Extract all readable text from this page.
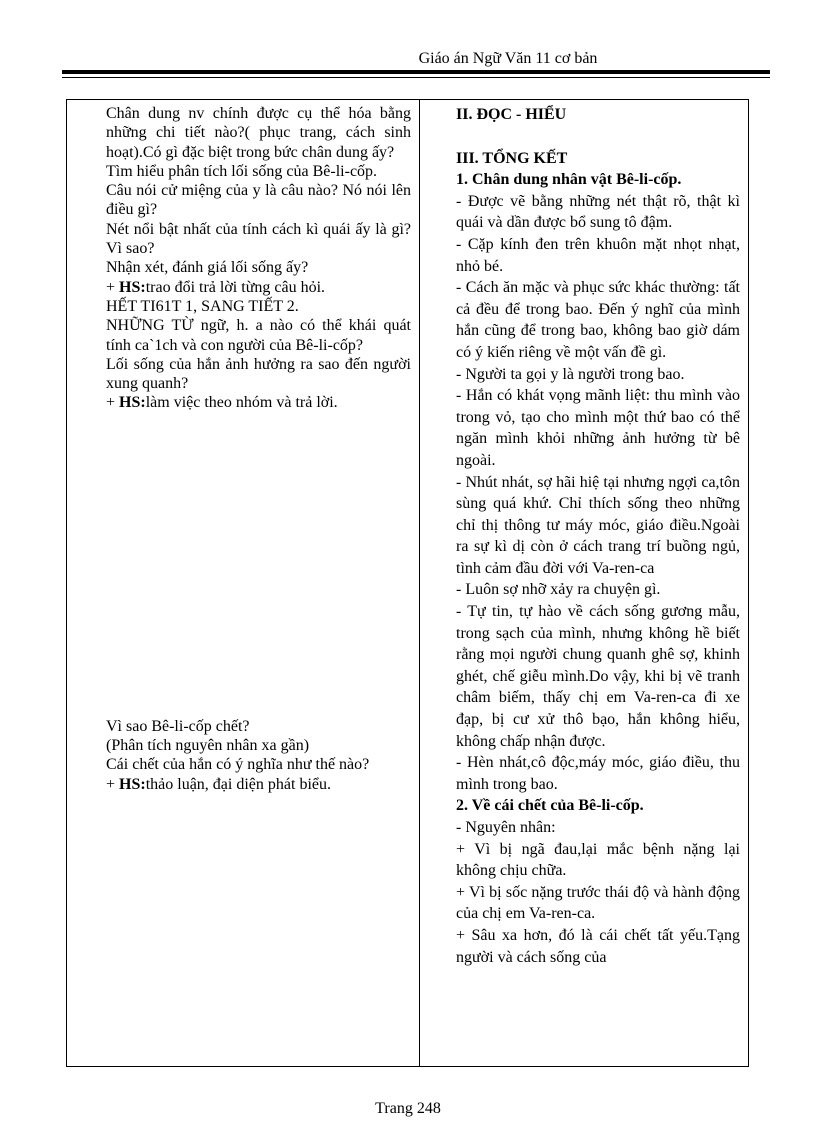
Giáo án Ngữ Văn 11 cơ bản

Chân dung nv chính được cụ thể hóa bằng những chi tiết nào?( phục trang, cách sinh hoạt).Có gì đặc biệt trong bức chân dung ấy?

Tìm hiểu phân tích lối sống của Bê-li-cốp.

Câu nói cử miệng của y là câu nào? Nó nói lên điều gì?

Nét nổi bật nhất của tính cách kì quái ấy là gì? Vì sao?

Nhận xét, đánh giá lối sống ấy?

+ HS:trao đổi trả lời từng câu hỏi.

HẾT TI61T 1, SANG TIẾT 2.

NHỮNG TỪ ngữ, h. a nào có thể khái quát tính ca`1ch và con người của Bê-li-cốp?

Lối sống của hắn ảnh hưởng ra sao đến người xung quanh?

+ HS:làm việc theo nhóm và trả lời.

Vì sao Bê-li-cốp chết?

(Phân tích nguyên nhân xa gần)

Cái chết của hắn có ý nghĩa như thế nào?

+ HS:thảo luận, đại diện phát biểu.

II. ĐỌC - HIỂU

III. TỔNG KẾT

1. Chân dung nhân vật Bê-li-cốp.

- Được vẽ bằng những nét thật rõ, thật kì quái và dần được bổ sung tô đậm.

- Cặp kính đen trên khuôn mặt nhọt nhạt, nhỏ bé.

- Cách ăn mặc và phục sức khác thường: tất cả đều để trong bao. Đến ý nghĩ của mình hắn cũng để trong bao, không bao giờ dám có ý kiến riêng về một vấn đề gì.

- Người ta gọi y là người trong bao.

- Hắn có khát vọng mãnh liệt: thu mình vào trong vỏ, tạo cho mình một thứ bao có thể ngăn mình khỏi những ảnh hưởng từ bê ngoài.

- Nhút nhát, sợ hãi hiệ tại nhưng ngợi ca,tôn sùng quá khứ. Chỉ thích sống theo những chỉ thị thông tư máy móc, giáo điều.Ngoài ra sự kì dị còn ở cách trang trí buồng ngủ, tình cảm đầu đời với Va-ren-ca

- Luôn sợ nhỡ xảy ra chuyện gì.

- Tự tin, tự hào về cách sống gương mẫu, trong sạch của mình, nhưng không hề biết rằng mọi người chung quanh ghê sợ, khinh ghét, chế giễu mình.Do vậy, khi bị vẽ tranh châm biếm, thấy chị em Va-ren-ca đi xe đạp, bị cư xử thô bạo, hắn không hiểu, không chấp nhận được.

- Hèn nhát,cô độc,máy móc, giáo điều, thu mình trong bao.

2. Về cái chết của Bê-li-cốp.

- Nguyên nhân:

+ Vì bị ngã đau,lại mắc bệnh nặng lại không chịu chữa.

+ Vì bị sốc nặng trước thái độ và hành động của chị em Va-ren-ca.

+ Sâu xa hơn, đó là cái chết tất yếu.Tạng người và cách sống của

Trang 248
